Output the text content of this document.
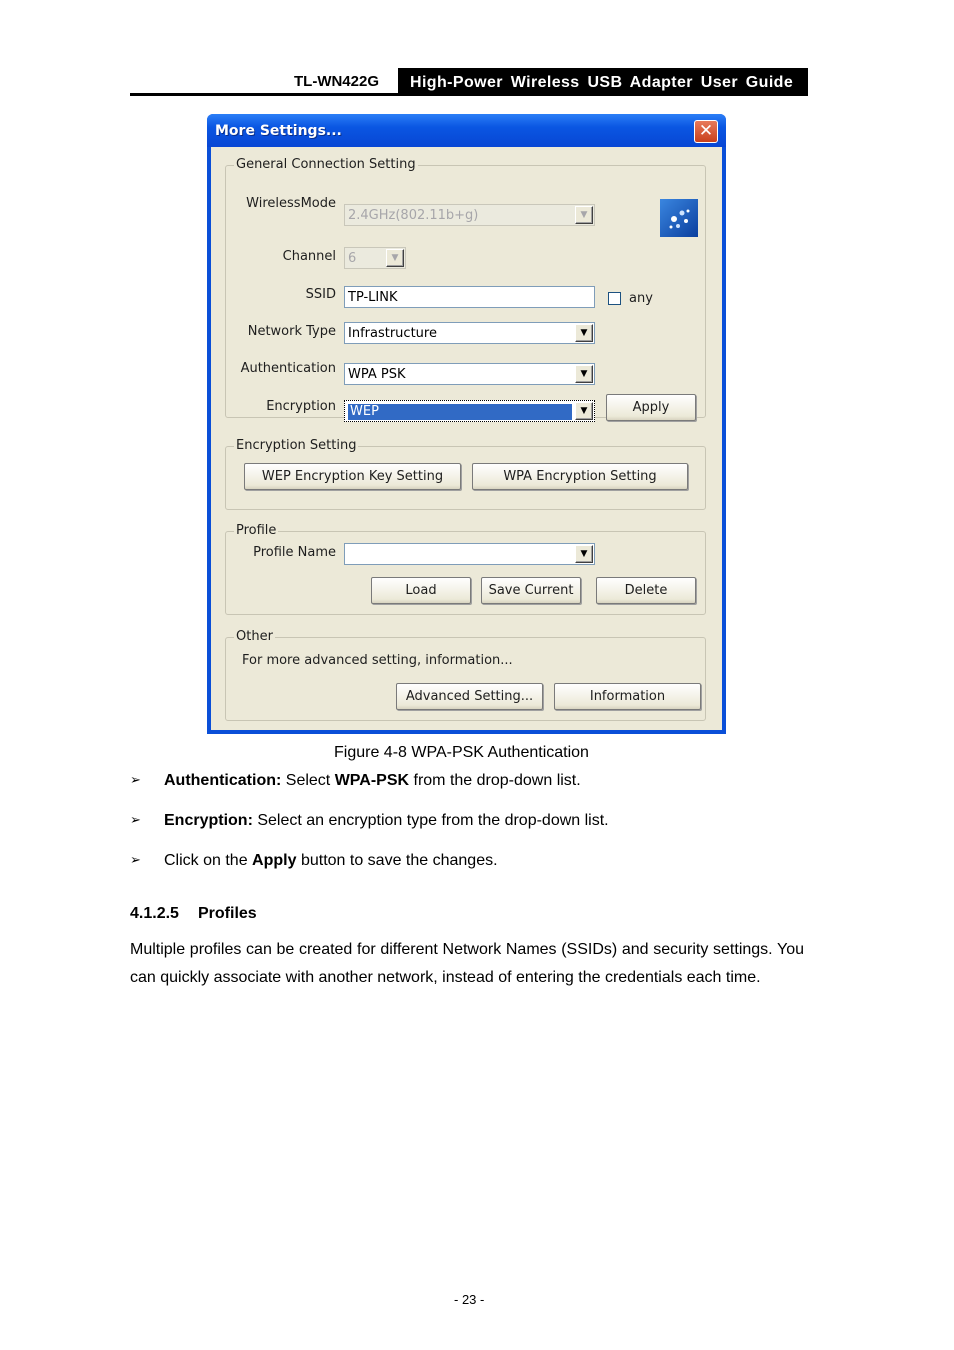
TL-WN422G	High-Power Wireless USB Adapter User Guide
More Settings...	✕
General Connection Setting
WirelessMode
2.4GHz(802.11b+g)	▼
Channel 6	▼
SSID TP-LINK	any
Network Type Infrastructure	▼
Authentication WPA PSK	▼
Encryption WEP	▼	Apply
Encryption Setting
WEP Encryption Key Setting	WPA Encryption Setting
Profile
Profile Name	▼
Load	Save Current	Delete
Other
For more advanced setting, information...
Advanced Setting...	Information
Figure 4-8 WPA-PSK Authentication
➢ Authentication: Select WPA-PSK from the drop-down list.
➢ Encryption: Select an encryption type from the drop-down list.
➢ Click on the Apply button to save the changes.
4.1.2.5 Profiles
Multiple profiles can be created for different Network Names (SSIDs) and security settings. You can quickly associate with another network, instead of entering the credentials each time.
- 23 -
